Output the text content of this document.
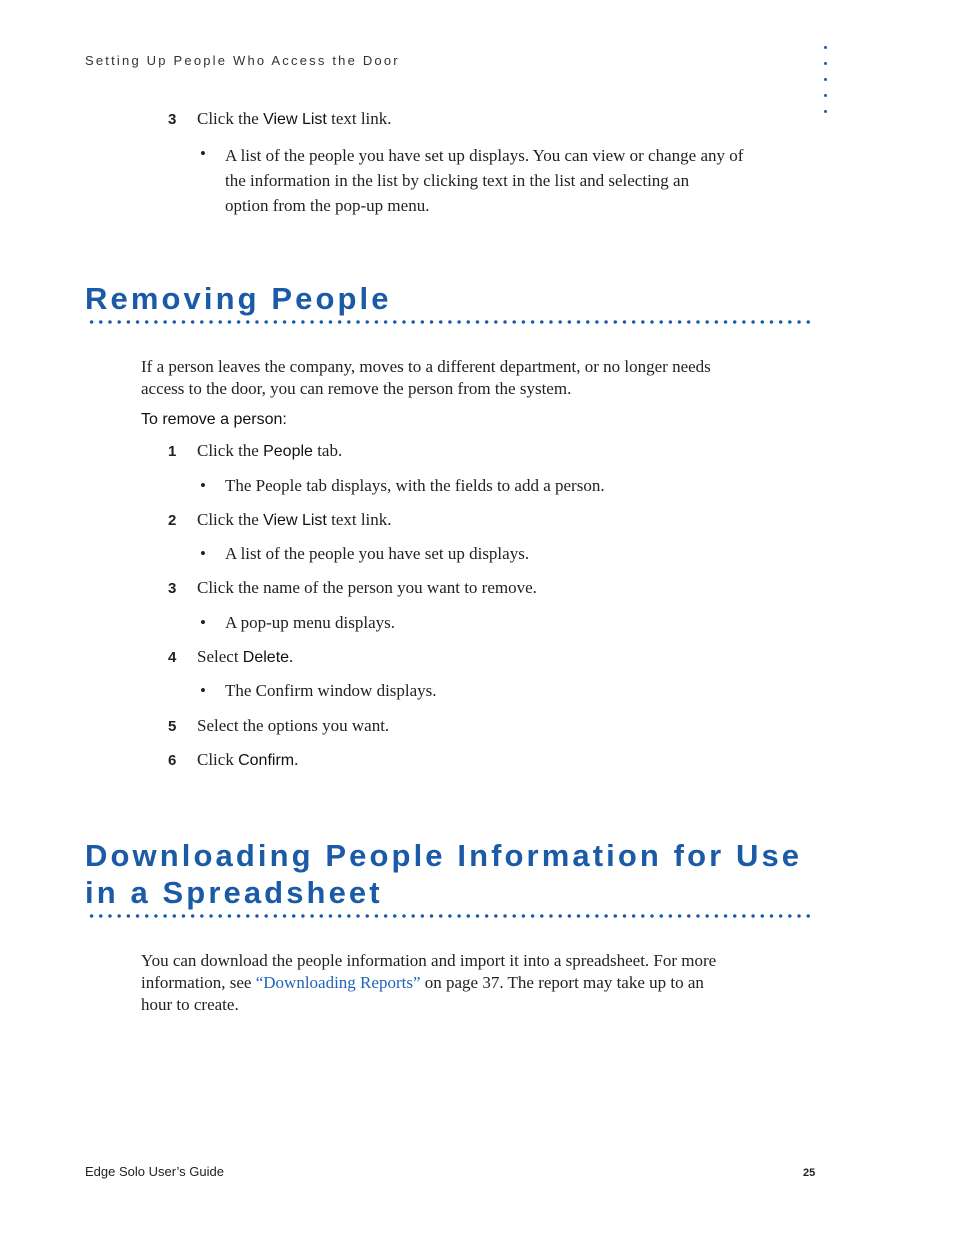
Setting Up People Who Access the Door
3	Click the View List text link.
• A list of the people you have set up displays. You can view or change any of
the information in the list by clicking text in the list and selecting an
option from the pop-up menu.
Removing People
If a person leaves the company, moves to a different department, or no longer needs
access to the door, you can remove the person from the system.
To remove a person:
1	Click the People tab.
• The People tab displays, with the fields to add a person.
2	Click the View List text link.
• A list of the people you have set up displays.
3	Click the name of the person you want to remove.
• A pop-up menu displays.
4	Select Delete.
• The Confirm window displays.
5	Select the options you want.
6	Click Confirm.
Downloading People Information for Use
in a Spreadsheet
You can download the people information and import it into a spreadsheet. For more
information, see “Downloading Reports” on page 37. The report may take up to an
hour to create.
Edge Solo User’s Guide	25
